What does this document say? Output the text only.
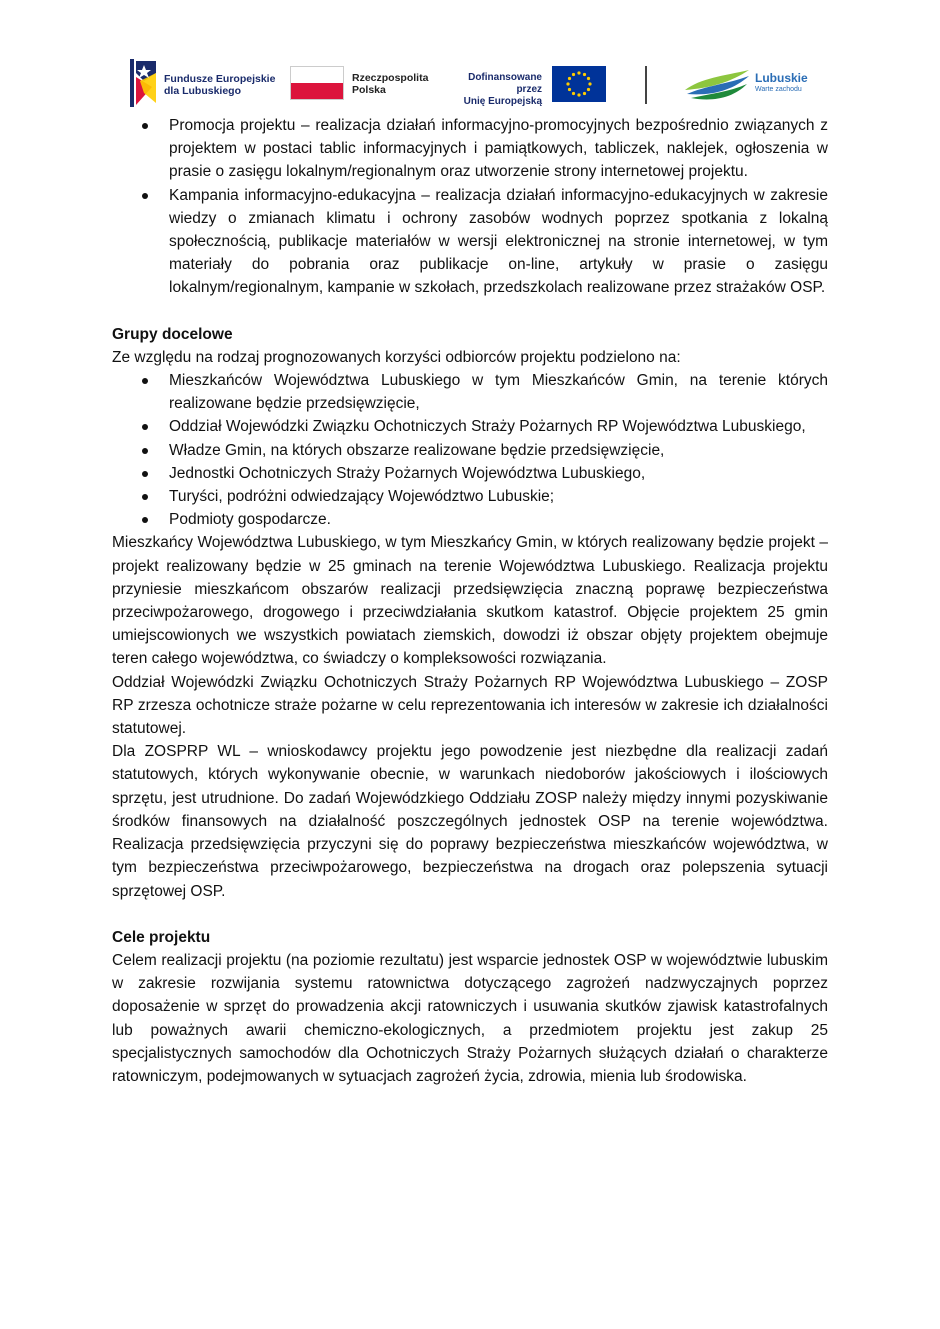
Fundusze Europejskie
dla Lubuskiego
Rzeczpospolita
Polska
Dofinansowane przez
Unię Europejską
Lubuskie
Warte zachodu
Promocja projektu – realizacja działań informacyjno-promocyjnych bezpośrednio związanych z projektem w postaci tablic informacyjnych i pamiątkowych, tabliczek, naklejek, ogłoszenia w prasie o zasięgu lokalnym/regionalnym oraz utworzenie strony internetowej projektu.
Kampania informacyjno-edukacyjna – realizacja działań informacyjno-edukacyjnych w zakresie wiedzy o zmianach klimatu i ochrony zasobów wodnych poprzez spotkania z lokalną społecznością, publikacje materiałów w wersji elektronicznej na stronie internetowej, w tym materiały do pobrania oraz publikacje on-line, artykuły w prasie o zasięgu lokalnym/regionalnym, kampanie w szkołach, przedszkolach realizowane przez strażaków OSP.
Grupy docelowe

Ze względu na rodzaj prognozowanych korzyści odbiorców projektu podzielono na:

Mieszkańców Województwa Lubuskiego w tym Mieszkańców Gmin, na terenie których realizowane będzie przedsięwzięcie,
Oddział Wojewódzki Związku Ochotniczych Straży Pożarnych RP Województwa Lubuskiego,
Władze Gmin, na których obszarze realizowane będzie przedsięwzięcie,
Jednostki Ochotniczych Straży Pożarnych Województwa Lubuskiego,
Turyści, podróżni odwiedzający Województwo Lubuskie;
Podmioty gospodarcze.

Mieszkańcy Województwa Lubuskiego, w tym Mieszkańcy Gmin, w których realizowany będzie projekt – projekt realizowany będzie w 25 gminach na terenie Województwa Lubuskiego. Realizacja projektu przyniesie mieszkańcom obszarów realizacji przedsięwzięcia znaczną poprawę bezpieczeństwa przeciwpożarowego, drogowego i przeciwdziałania skutkom katastrof. Objęcie projektem 25 gmin umiejscowionych we wszystkich powiatach ziemskich, dowodzi iż obszar objęty projektem obejmuje teren całego województwa, co świadczy o kompleksowości rozwiązania.

Oddział Wojewódzki Związku Ochotniczych Straży Pożarnych RP Województwa Lubuskiego – ZOSP RP zrzesza ochotnicze straże pożarne w celu reprezentowania ich interesów w zakresie ich działalności statutowej.

Dla ZOSPRP WL – wnioskodawcy projektu jego powodzenie jest niezbędne dla realizacji zadań statutowych, których wykonywanie obecnie, w warunkach niedoborów jakościowych i ilościowych sprzętu, jest utrudnione. Do zadań Wojewódzkiego Oddziału ZOSP należy między innymi pozyskiwanie środków finansowych na działalność poszczególnych jednostek OSP na terenie województwa. Realizacja przedsięwzięcia przyczyni się do poprawy bezpieczeństwa mieszkańców województwa, w tym bezpieczeństwa przeciwpożarowego, bezpieczeństwa na drogach oraz polepszenia sytuacji sprzętowej OSP.

Cele projektu

Celem realizacji projektu (na poziomie rezultatu) jest wsparcie jednostek OSP w województwie lubuskim w zakresie rozwijania systemu ratownictwa dotyczącego zagrożeń nadzwyczajnych poprzez doposażenie w sprzęt do prowadzenia akcji ratowniczych i usuwania skutków zjawisk katastrofalnych lub poważnych awarii chemiczno-ekologicznych, a przedmiotem projektu jest zakup 25 specjalistycznych samochodów dla Ochotniczych Straży Pożarnych służących działań o charakterze ratowniczym, podejmowanych w sytuacjach zagrożeń życia, zdrowia, mienia lub środowiska.
